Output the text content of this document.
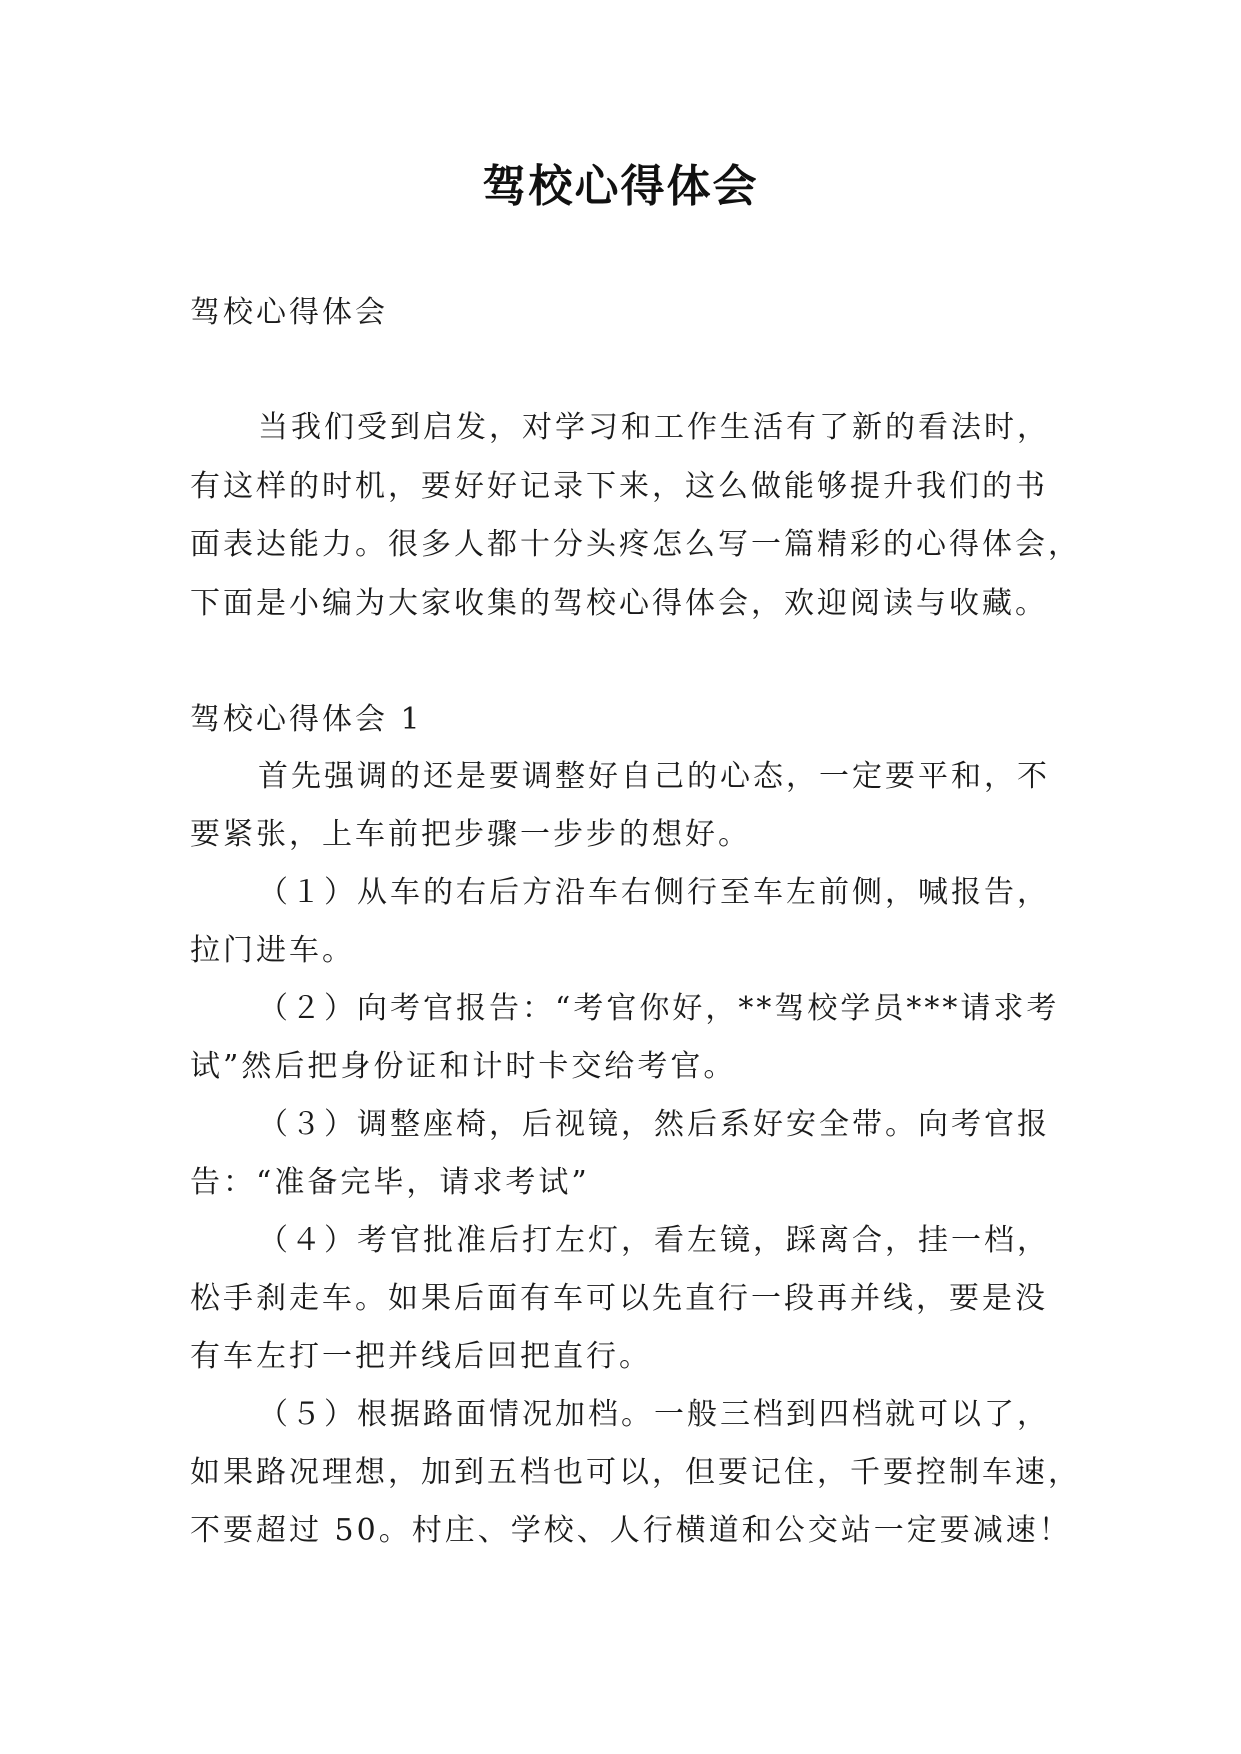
驾校心得体会

驾校心得体会

当我们受到启发，对学习和工作生活有了新的看法时，

有这样的时机，要好好记录下来，这么做能够提升我们的书

面表达能力。很多人都十分头疼怎么写一篇精彩的心得体会，

下面是小编为大家收集的驾校心得体会，欢迎阅读与收藏。

驾校心得体会 1

首先强调的还是要调整好自己的心态，一定要平和，不

要紧张，上车前把步骤一步步的想好。

（１）从车的右后方沿车右侧行至车左前侧，喊报告，

拉门进车。

（２）向考官报告：“考官你好，**驾校学员***请求考

试”然后把身份证和计时卡交给考官。

（３）调整座椅，后视镜，然后系好安全带。向考官报

告：“准备完毕，请求考试”

（４）考官批准后打左灯，看左镜，踩离合，挂一档，

松手刹走车。如果后面有车可以先直行一段再并线，要是没

有车左打一把并线后回把直行。

（５）根据路面情况加档。一般三档到四档就可以了，

如果路况理想，加到五档也可以，但要记住，千要控制车速，

不要超过 50。村庄、学校、人行横道和公交站一定要减速！
